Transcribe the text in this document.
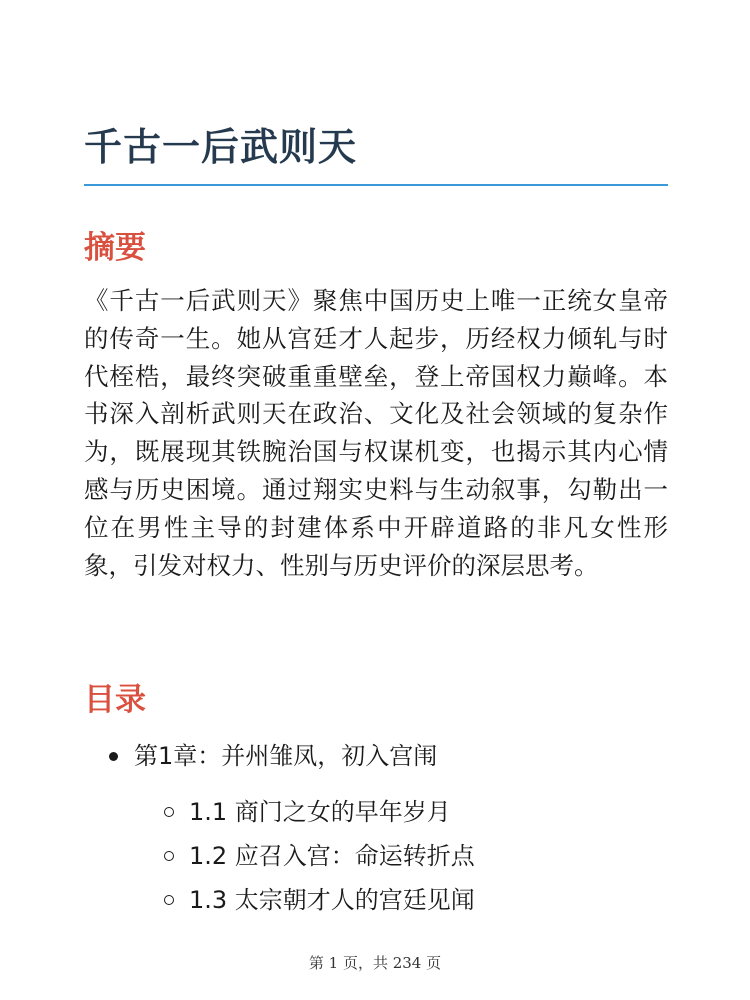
千古一后武则天
摘要

《千古一后武则天》聚焦中国历史上唯一正统女皇帝的传奇一生。她从宫廷才人起步，历经权力倾轧与时代桎梏，最终突破重重壁垒，登上帝国权力巅峰。本书深入剖析武则天在政治、文化及社会领域的复杂作为，既展现其铁腕治国与权谋机变，也揭示其内心情感与历史困境。通过翔实史料与生动叙事，勾勒出一位在男性主导的封建体系中开辟道路的非凡女性形象，引发对权力、性别与历史评价的深层思考。

目录
第1章：并州雏凤，初入宫闱
1.1 商门之女的早年岁月
1.2 应召入宫：命运转折点
1.3 太宗朝才人的宫廷见闻
第 1 页，共 234 页
